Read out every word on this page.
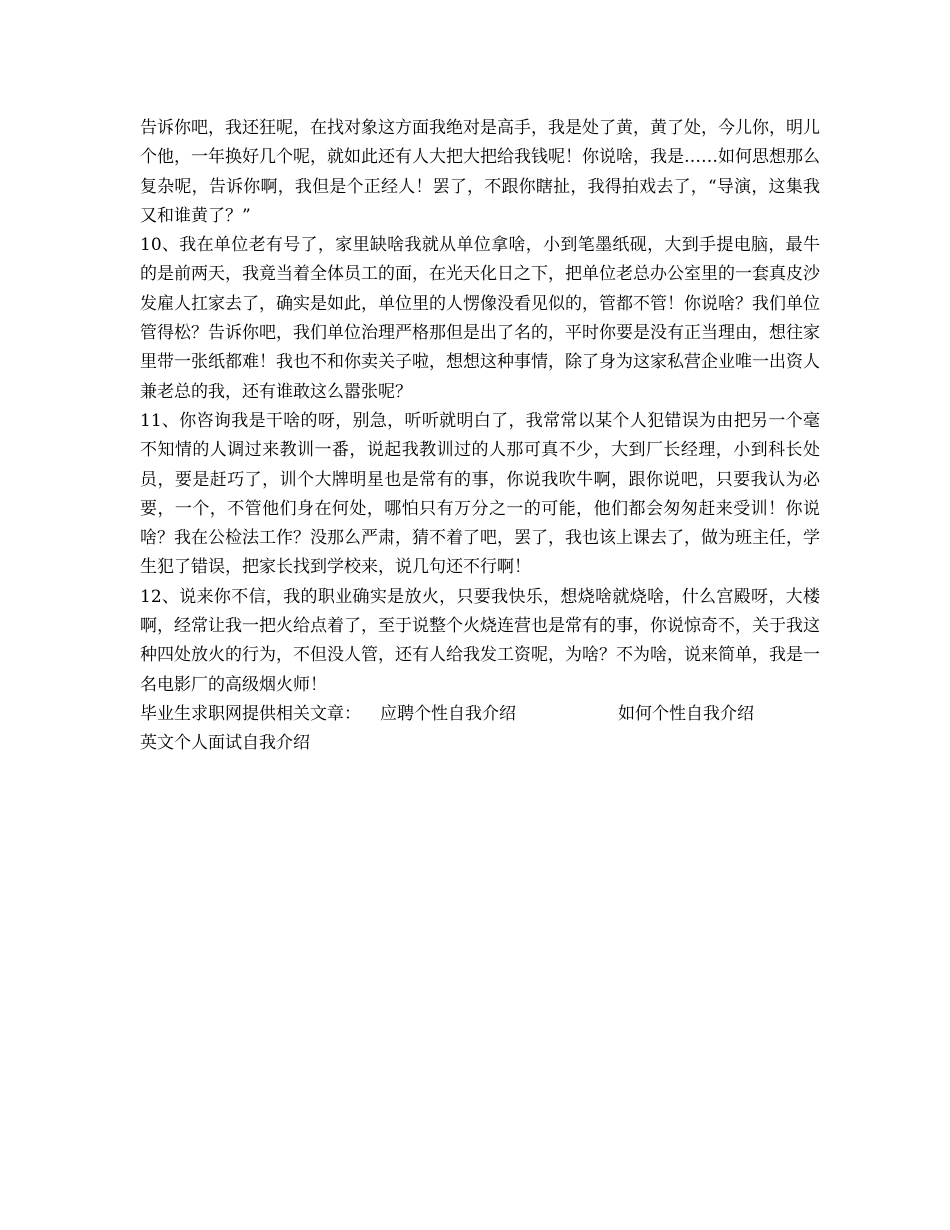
告诉你吧，我还狂呢，在找对象这方面我绝对是高手，我是处了黄，黄了处，今儿你，明儿个他，一年换好几个呢，就如此还有人大把大把给我钱呢！你说啥，我是……如何思想那么复杂呢，告诉你啊，我但是个正经人！罢了，不跟你瞎扯，我得拍戏去了，“导演，这集我又和谁黄了？”

10、我在单位老有号了，家里缺啥我就从单位拿啥，小到笔墨纸砚，大到手提电脑，最牛的是前两天，我竟当着全体员工的面，在光天化日之下，把单位老总办公室里的一套真皮沙发雇人扛家去了，确实是如此，单位里的人愣像没看见似的，管都不管！你说啥？我们单位管得松？告诉你吧，我们单位治理严格那但是出了名的，平时你要是没有正当理由，想往家里带一张纸都难！我也不和你卖关子啦，想想这种事情，除了身为这家私营企业唯一出资人兼老总的我，还有谁敢这么嚣张呢？

11、你咨询我是干啥的呀，别急，听听就明白了，我常常以某个人犯错误为由把另一个毫不知情的人调过来教训一番，说起我教训过的人那可真不少，大到厂长经理，小到科长处员，要是赶巧了，训个大牌明星也是常有的事，你说我吹牛啊，跟你说吧，只要我认为必要，一个，不管他们身在何处，哪怕只有万分之一的可能，他们都会匆匆赶来受训！你说啥？我在公检法工作？没那么严肃，猜不着了吧，罢了，我也该上课去了，做为班主任，学生犯了错误，把家长找到学校来，说几句还不行啊！

12、说来你不信，我的职业确实是放火，只要我快乐，想烧啥就烧啥，什么宫殿呀，大楼啊，经常让我一把火给点着了，至于说整个火烧连营也是常有的事，你说惊奇不，关于我这种四处放火的行为，不但没人管，还有人给我发工资呢，为啥？不为啥，说来简单，我是一名电影厂的高级烟火师！

毕业生求职网提供相关文章：	应聘个性自我介绍	如何个性自我介绍
英文个人面试自我介绍
